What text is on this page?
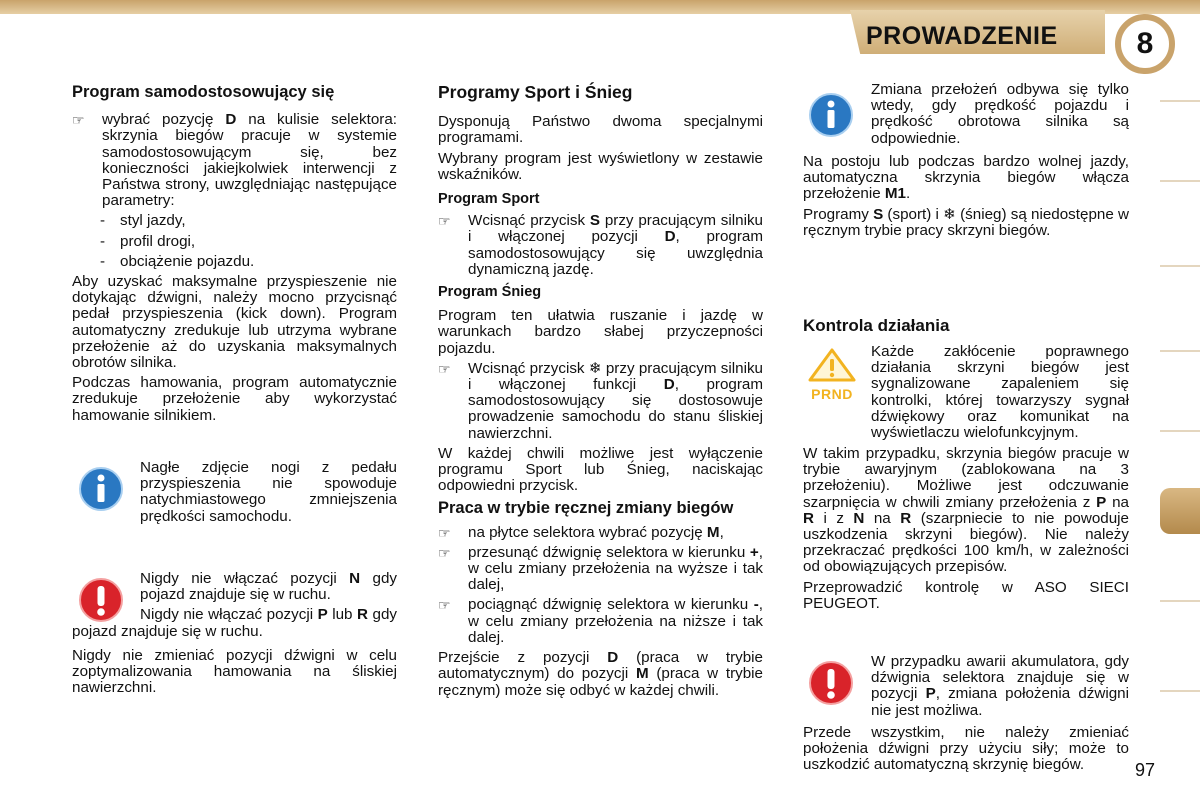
PROWADZENIE	8

Program samodostosowujący się

☞ wybrać pozycję D na kulisie selektora: skrzynia biegów pracuje w systemie samodostosowującym się, bez konieczności jakiejkolwiek interwencji z Państwa strony, uwzględniając następujące parametry:

- styl jazdy,

- profil drogi,

- obciążenie pojazdu.

Aby uzyskać maksymalne przyspieszenie nie dotykając dźwigni, należy mocno przycisnąć pedał przyspieszenia (kick down). Program automatyczny zredukuje lub utrzyma wybrane przełożenie aż do uzyskania maksymalnych obrotów silnika.

Podczas hamowania, program automatycznie zredukuje przełożenie aby wykorzystać hamowanie silnikiem.

Nagłe zdjęcie nogi z pedału przyspieszenia nie spowoduje natychmiastowego zmniejszenia prędkości samochodu.

Nigdy nie włączać pozycji N gdy pojazd znajduje się w ruchu.

Nigdy nie włączać pozycji P lub R gdy pojazd znajduje się w ruchu.

Nigdy nie zmieniać pozycji dźwigni w celu zoptymalizowania hamowania na śliskiej nawierzchni.

Programy Sport i Śnieg

Dysponują Państwo dwoma specjalnymi programami.

Wybrany program jest wyświetlony w zestawie wskaźników.

Program Sport

☞ Wcisnąć przycisk S przy pracującym silniku i włączonej pozycji D, program samodostosowujący się uwzględnia dynamiczną jazdę.

Program Śnieg

Program ten ułatwia ruszanie i jazdę w warunkach bardzo słabej przyczepności pojazdu.

☞ Wcisnąć przycisk ❄ przy pracującym silniku i włączonej funkcji D, program samodostosowujący się dostosowuje prowadzenie samochodu do stanu śliskiej nawierzchni.

W każdej chwili możliwe jest wyłączenie programu Sport lub Śnieg, naciskając odpowiedni przycisk.

Praca w trybie ręcznej zmiany biegów

☞ na płytce selektora wybrać pozycję M,
☞ przesunąć dźwignię selektora w kierunku +, w celu zmiany przełożenia na wyższe i tak dalej,
☞ pociągnąć dźwignię selektora w kierunku -, w celu zmiany przełożenia na niższe i tak dalej.

Przejście z pozycji D (praca w trybie automatycznym) do pozycji M (praca w trybie ręcznym) może się odbyć w każdej chwili.

Zmiana przełożeń odbywa się tylko wtedy, gdy prędkość pojazdu i prędkość obrotowa silnika są odpowiednie.

Na postoju lub podczas bardzo wolnej jazdy, automatyczna skrzynia biegów włącza przełożenie M1.

Programy S (sport) i ❄ (śnieg) są niedostępne w ręcznym trybie pracy skrzyni biegów.

Kontrola działania

PRND

Każde zakłócenie poprawnego działania skrzyni biegów jest sygnalizowane zapaleniem się kontrolki, której towarzyszy sygnał dźwiękowy oraz komunikat na wyświetlaczu wielofunkcyjnym.

W takim przypadku, skrzynia biegów pracuje w trybie awaryjnym (zablokowana na 3 przełożeniu). Możliwe jest odczuwanie szarpnięcia w chwili zmiany przełożenia z P na R i z N na R (szarpniecie to nie powoduje uszkodzenia skrzyni biegów). Nie należy przekraczać prędkości 100 km/h, w zależności od obowiązujących przepisów.

Przeprowadzić kontrolę w ASO SIECI PEUGEOT.

W przypadku awarii akumulatora, gdy dźwignia selektora znajduje się w pozycji P, zmiana położenia dźwigni nie jest możliwa.

Przede wszystkim, nie należy zmieniać położenia dźwigni przy użyciu siły; może to uszkodzić automatyczną skrzynię biegów.	97
